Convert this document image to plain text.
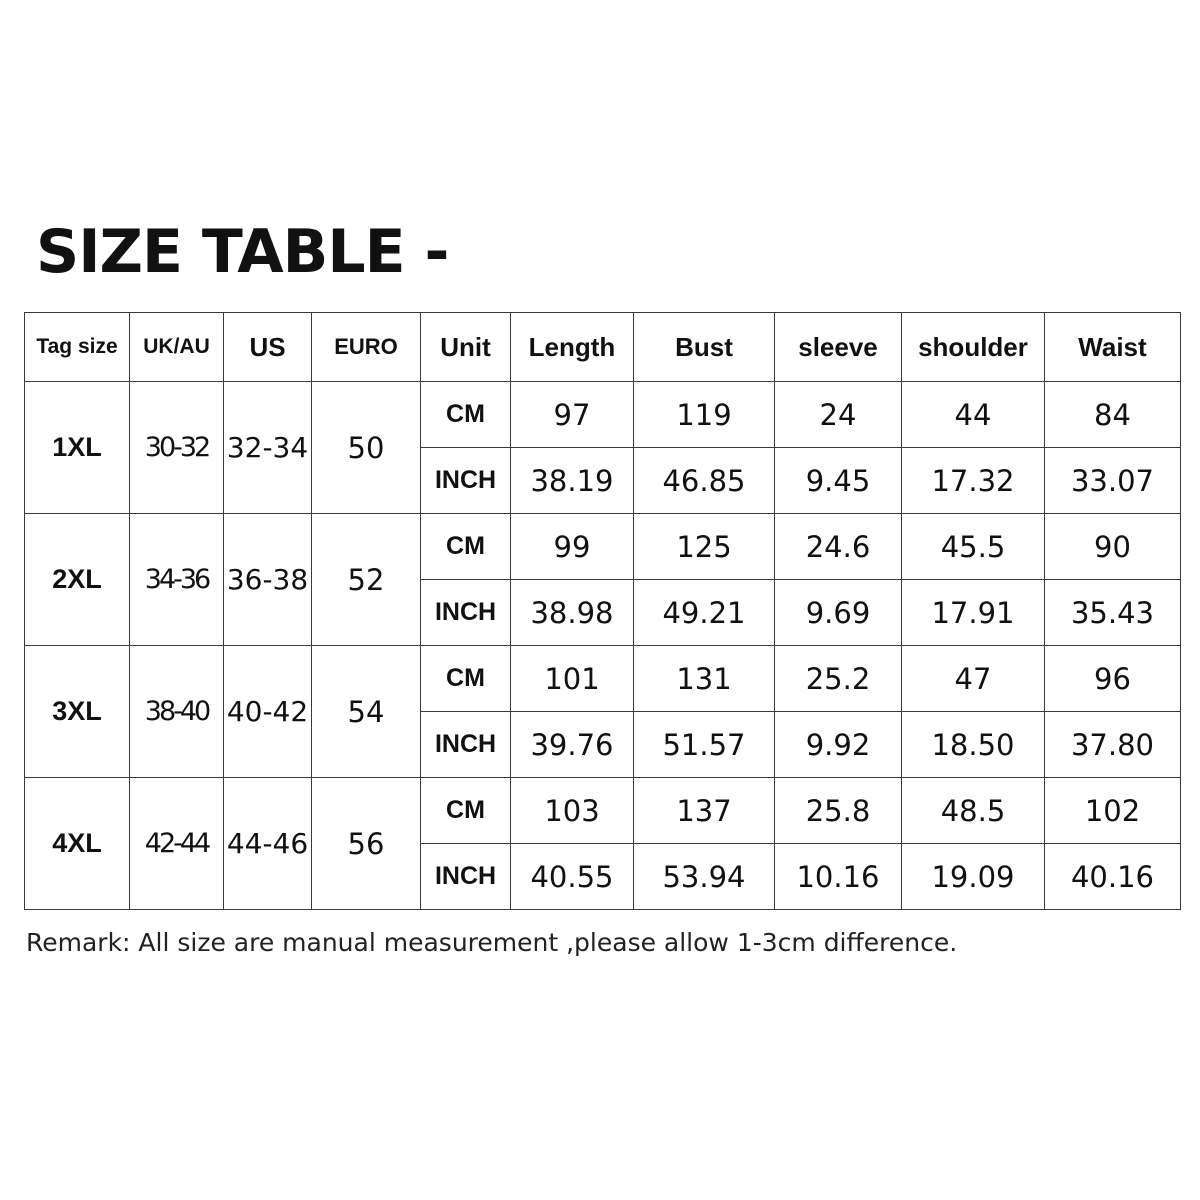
SIZE TABLE -
Tag size	UK/AU	US	EURO	Unit	Length	Bust	sleeve	shoulder	Waist
1XL	30-32	32-34	50	CM	97	119	24	44	84
				INCH	38.19	46.85	9.45	17.32	33.07
2XL	34-36	36-38	52	CM	99	125	24.6	45.5	90
				INCH	38.98	49.21	9.69	17.91	35.43
3XL	38-40	40-42	54	CM	101	131	25.2	47	96
				INCH	39.76	51.57	9.92	18.50	37.80
4XL	42-44	44-46	56	CM	103	137	25.8	48.5	102
				INCH	40.55	53.94	10.16	19.09	40.16

Remark: All size are manual measurement ,please allow 1-3cm difference.
